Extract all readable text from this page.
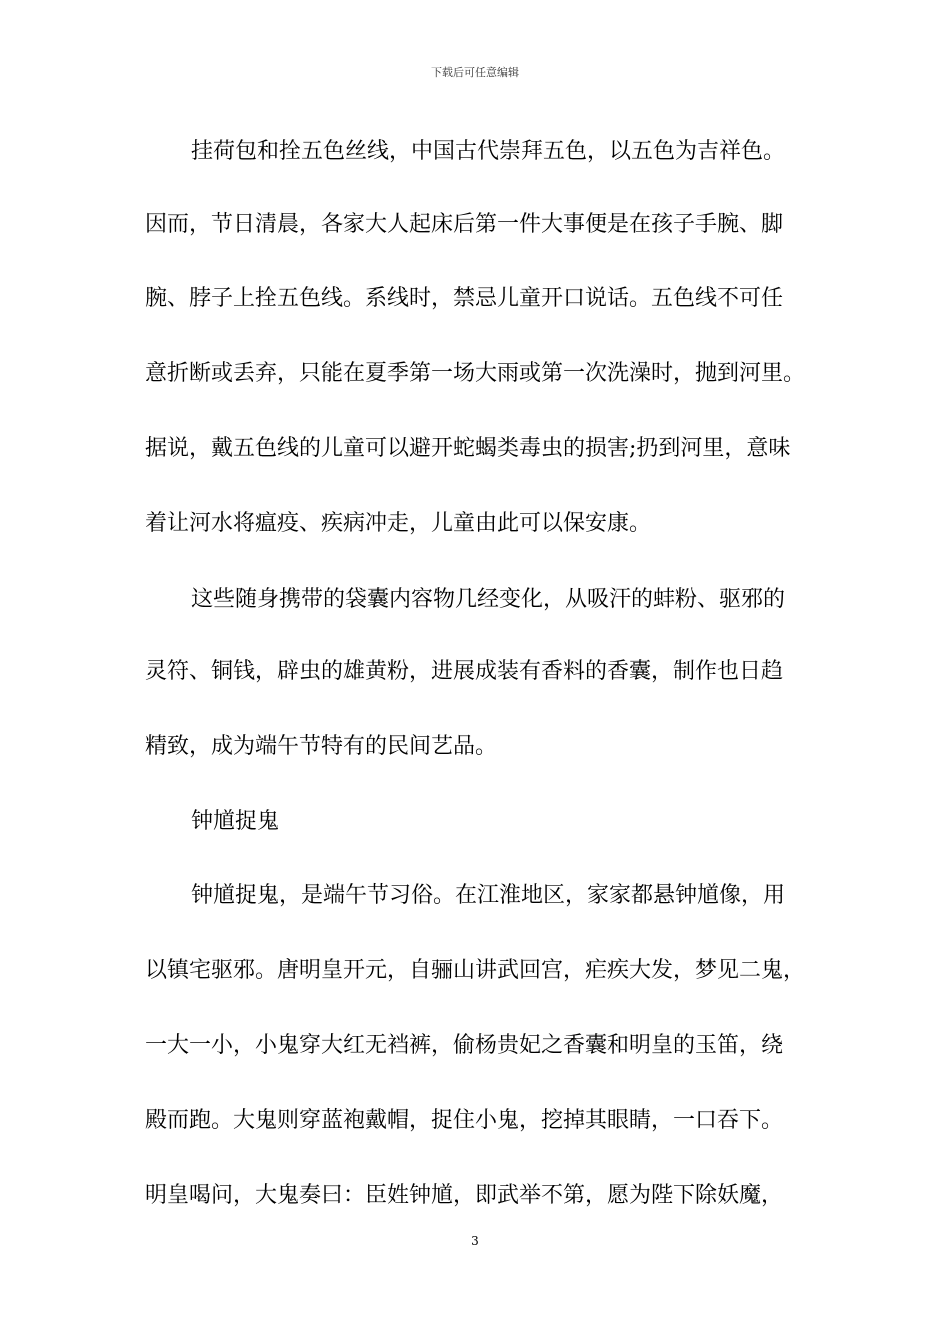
下载后可任意编辑
挂荷包和拴五色丝线，中国古代崇拜五色，以五色为吉祥色。
因而，节日清晨，各家大人起床后第一件大事便是在孩子手腕、脚
腕、脖子上拴五色线。系线时，禁忌儿童开口说话。五色线不可任
意折断或丢弃，只能在夏季第一场大雨或第一次洗澡时，抛到河里。
据说，戴五色线的儿童可以避开蛇蝎类毒虫的损害;扔到河里，意味
着让河水将瘟疫、疾病冲走，儿童由此可以保安康。
这些随身携带的袋囊内容物几经变化，从吸汗的蚌粉、驱邪的
灵符、铜钱，辟虫的雄黄粉，进展成装有香料的香囊，制作也日趋
精致，成为端午节特有的民间艺品。
钟馗捉鬼
钟馗捉鬼，是端午节习俗。在江淮地区，家家都悬钟馗像，用
以镇宅驱邪。唐明皇开元，自骊山讲武回宫，疟疾大发，梦见二鬼，
一大一小，小鬼穿大红无裆裤，偷杨贵妃之香囊和明皇的玉笛，绕
殿而跑。大鬼则穿蓝袍戴帽，捉住小鬼，挖掉其眼睛，一口吞下。
明皇喝问，大鬼奏曰：臣姓钟馗，即武举不第，愿为陛下除妖魔，
3
